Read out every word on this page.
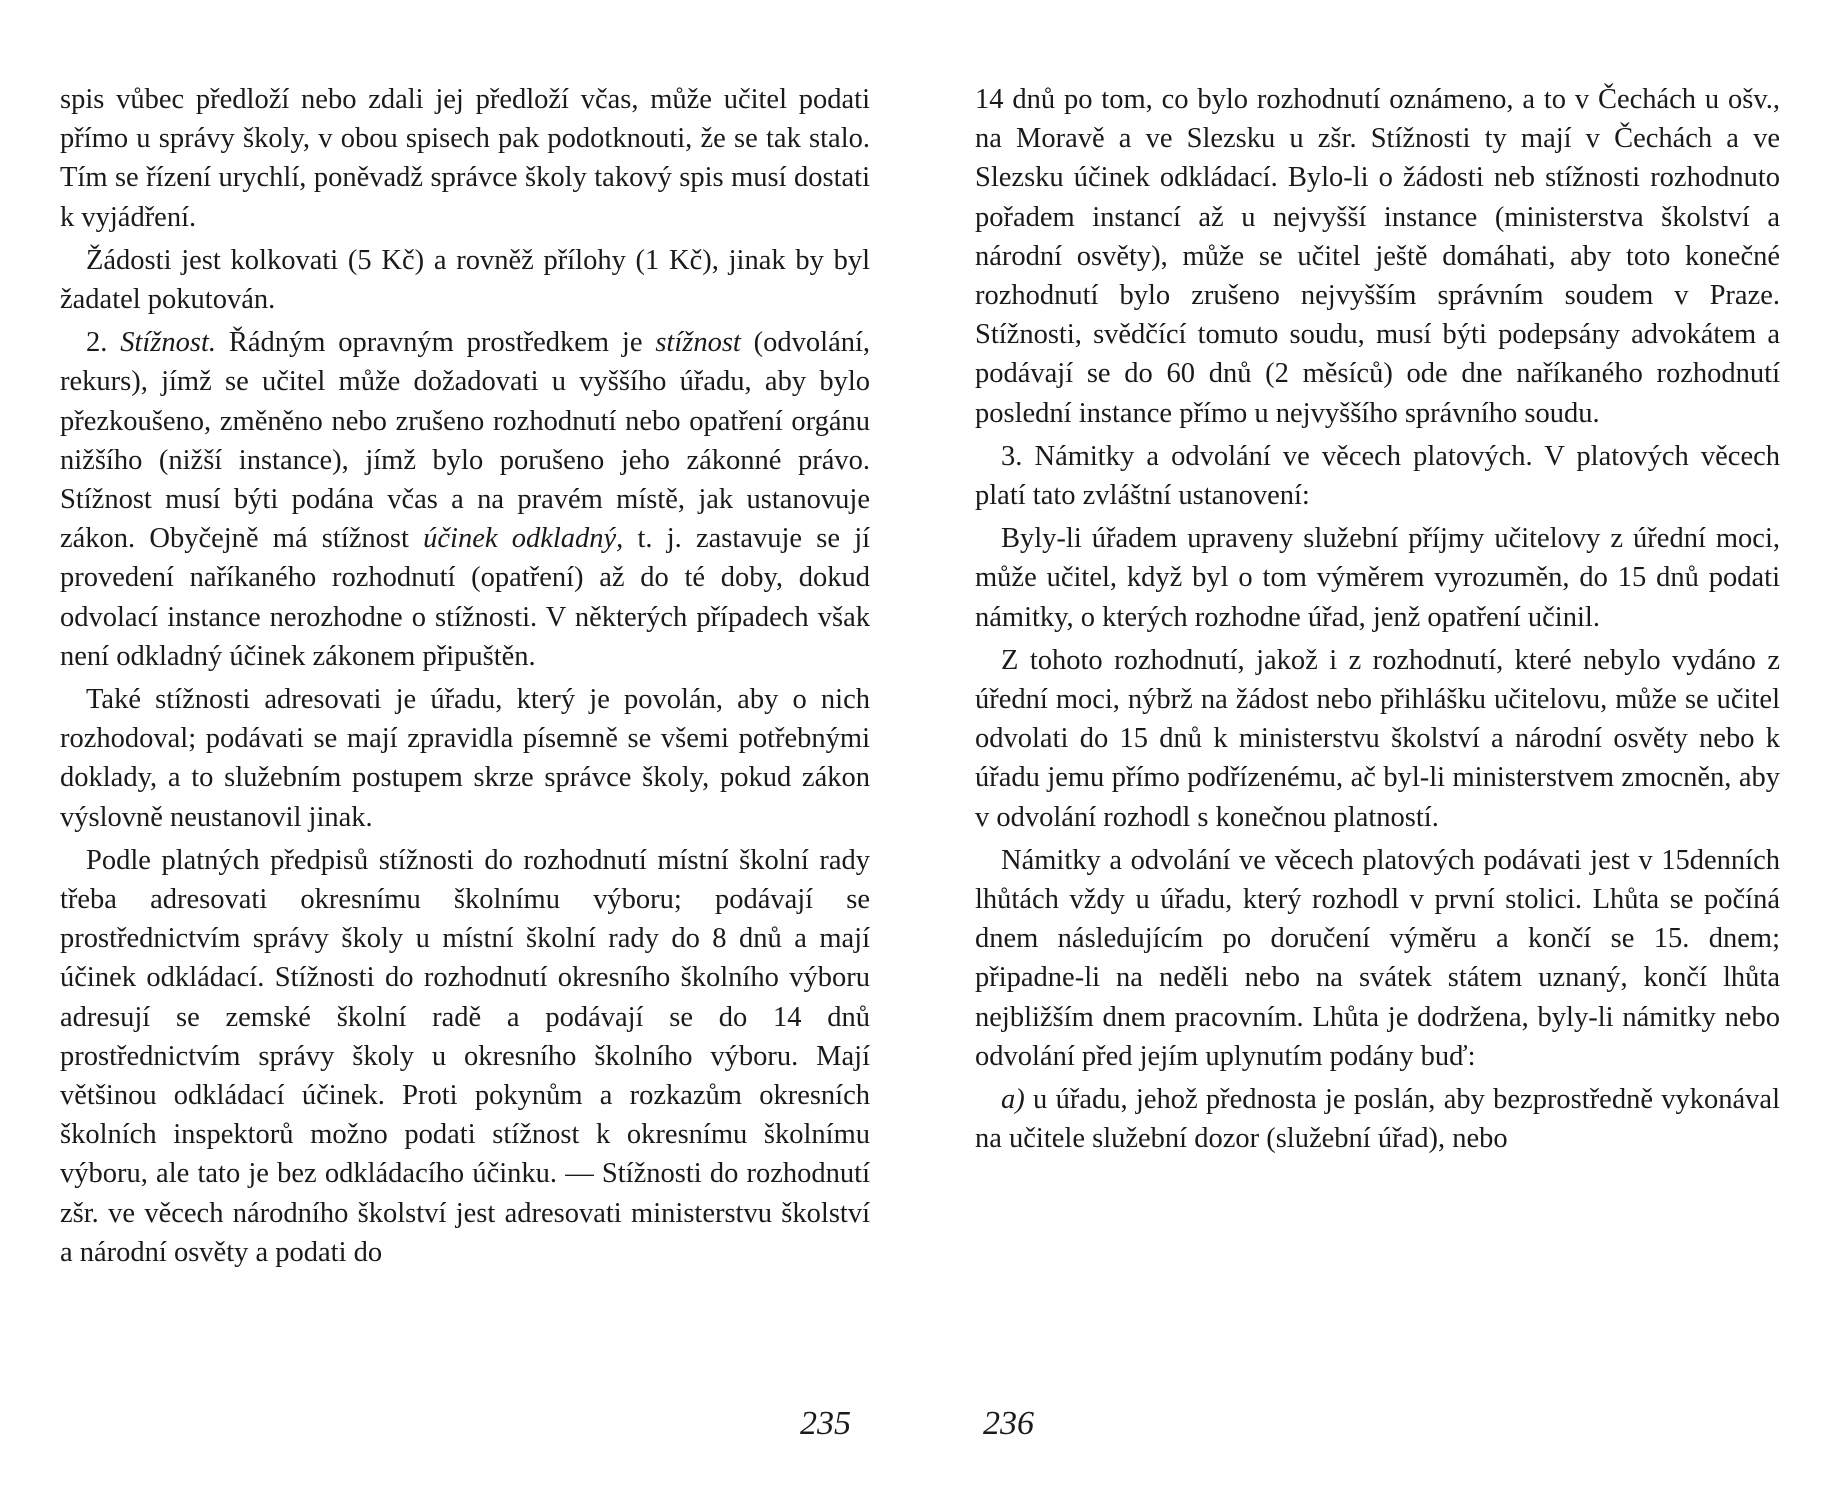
spis vůbec předloží nebo zdali jej předloží včas, může učitel podati přímo u správy školy, v obou spisech pak podotknouti, že se tak stalo. Tím se řízení urychlí, poněvadž správce školy takový spis musí dostati k vyjádření.

Žádosti jest kolkovati (5 Kč) a rovněž přílohy (1 Kč), jinak by byl žadatel pokutován.

2. Stížnost. Řádným opravným prostředkem je stížnost (odvolání, rekurs), jímž se učitel může dožadovati u vyššího úřadu, aby bylo přezkoušeno, změněno nebo zrušeno rozhodnutí nebo opatření orgánu nižšího (nižší instance), jímž bylo porušeno jeho zákonné právo. Stížnost musí býti podána včas a na pravém místě, jak ustanovuje zákon. Obyčejně má stížnost účinek odkladný, t. j. zastavuje se jí provedení naříkaného rozhodnutí (opatření) až do té doby, dokud odvolací instance nerozhodne o stížnosti. V některých případech však není odkladný účinek zákonem připuštěn.

Také stížnosti adresovati je úřadu, který je povolán, aby o nich rozhodoval; podávati se mají zpravidla písemně se všemi potřebnými doklady, a to služebním postupem skrze správce školy, pokud zákon výslovně neustanovil jinak.

Podle platných předpisů stížnosti do rozhodnutí místní školní rady třeba adresovati okresnímu školnímu výboru; podávají se prostřednictvím správy školy u místní školní rady do 8 dnů a mají účinek odkládací. Stížnosti do rozhodnutí okresního školního výboru adresují se zemské školní radě a podávají se do 14 dnů prostřednictvím správy školy u okresního školního výboru. Mají většinou odkládací účinek. Proti pokynům a rozkazům okresních školních inspektorů možno podati stížnost k okresnímu školnímu výboru, ale tato je bez odkládacího účinku. — Stížnosti do rozhodnutí zšr. ve věcech národního školství jest adresovati ministerstvu školství a národní osvěty a podati do

235

14 dnů po tom, co bylo rozhodnutí oznámeno, a to v Čechách u ošv., na Moravě a ve Slezsku u zšr. Stížnosti ty mají v Čechách a ve Slezsku účinek odkládací. Bylo-li o žádosti neb stížnosti rozhodnuto pořadem instancí až u nejvyšší instance (ministerstva školství a národní osvěty), může se učitel ještě domáhati, aby toto konečné rozhodnutí bylo zrušeno nejvyšším správním soudem v Praze. Stížnosti, svědčící tomuto soudu, musí býti podepsány advokátem a podávají se do 60 dnů (2 měsíců) ode dne naříkaného rozhodnutí poslední instance přímo u nejvyššího správního soudu.

3. Námitky a odvolání ve věcech platových. V platových věcech platí tato zvláštní ustanovení:

Byly-li úřadem upraveny služební příjmy učitelovy z úřední moci, může učitel, když byl o tom výměrem vyrozuměn, do 15 dnů podati námitky, o kterých rozhodne úřad, jenž opatření učinil.

Z tohoto rozhodnutí, jakož i z rozhodnutí, které nebylo vydáno z úřední moci, nýbrž na žádost nebo přihlášku učitelovu, může se učitel odvolati do 15 dnů k ministerstvu školství a národní osvěty nebo k úřadu jemu přímo podřízenému, ač byl-li ministerstvem zmocněn, aby v odvolání rozhodl s konečnou platností.

Námitky a odvolání ve věcech platových podávati jest v 15denních lhůtách vždy u úřadu, který rozhodl v první stolici. Lhůta se počíná dnem následujícím po doručení výměru a končí se 15. dnem; připadne-li na neděli nebo na svátek státem uznaný, končí lhůta nejbližším dnem pracovním. Lhůta je dodržena, byly-li námitky nebo odvolání před jejím uplynutím podány buď:

a) u úřadu, jehož přednosta je poslán, aby bezprostředně vykonával na učitele služební dozor (služební úřad), nebo

236
